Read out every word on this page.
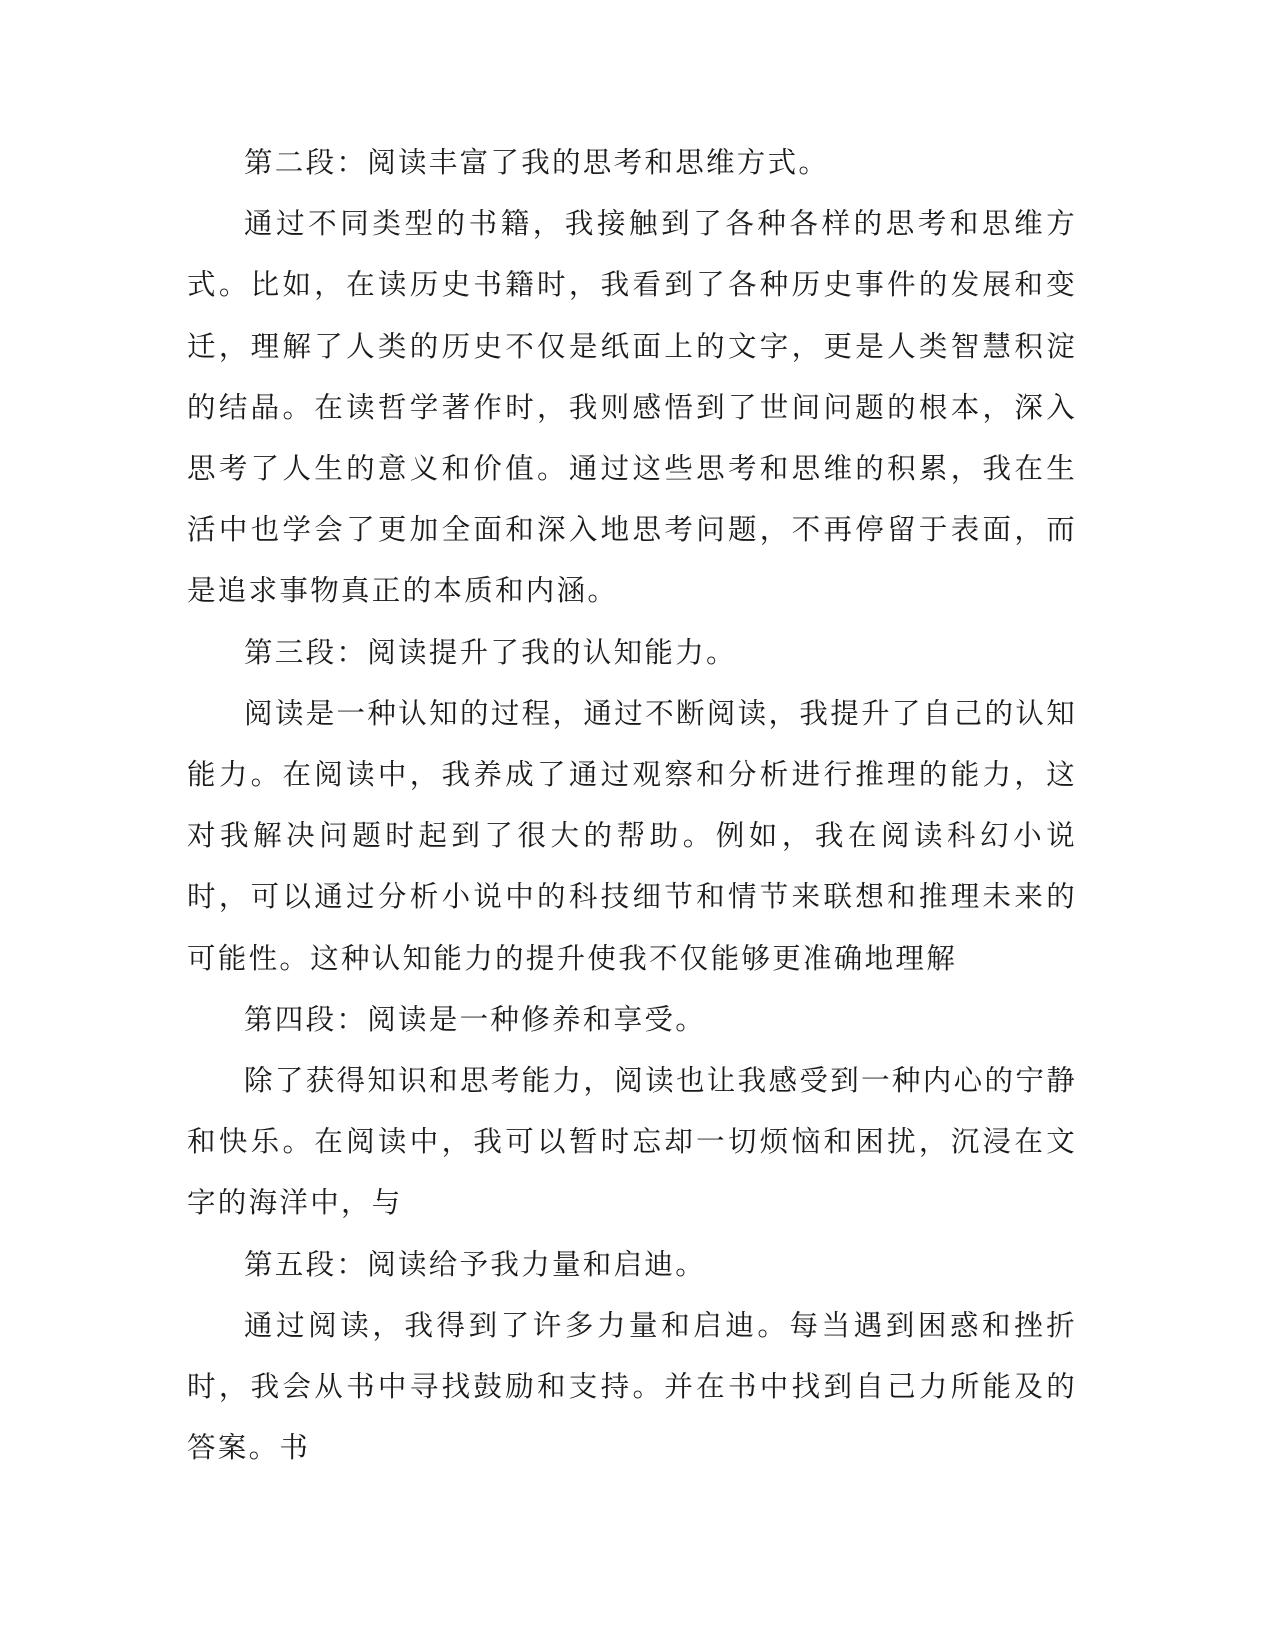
第二段：阅读丰富了我的思考和思维方式。

通过不同类型的书籍，我接触到了各种各样的思考和思维方式。比如，在读历史书籍时，我看到了各种历史事件的发展和变迁，理解了人类的历史不仅是纸面上的文字，更是人类智慧积淀的结晶。在读哲学著作时，我则感悟到了世间问题的根本，深入思考了人生的意义和价值。通过这些思考和思维的积累，我在生活中也学会了更加全面和深入地思考问题，不再停留于表面，而是追求事物真正的本质和内涵。

第三段：阅读提升了我的认知能力。

阅读是一种认知的过程，通过不断阅读，我提升了自己的认知能力。在阅读中，我养成了通过观察和分析进行推理的能力，这对我解决问题时起到了很大的帮助。例如，我在阅读科幻小说时，可以通过分析小说中的科技细节和情节来联想和推理未来的可能性。这种认知能力的提升使我不仅能够更准确地理解

第四段：阅读是一种修养和享受。

除了获得知识和思考能力，阅读也让我感受到一种内心的宁静和快乐。在阅读中，我可以暂时忘却一切烦恼和困扰，沉浸在文字的海洋中，与

第五段：阅读给予我力量和启迪。

通过阅读，我得到了许多力量和启迪。每当遇到困惑和挫折时，我会从书中寻找鼓励和支持。并在书中找到自己力所能及的答案。书
